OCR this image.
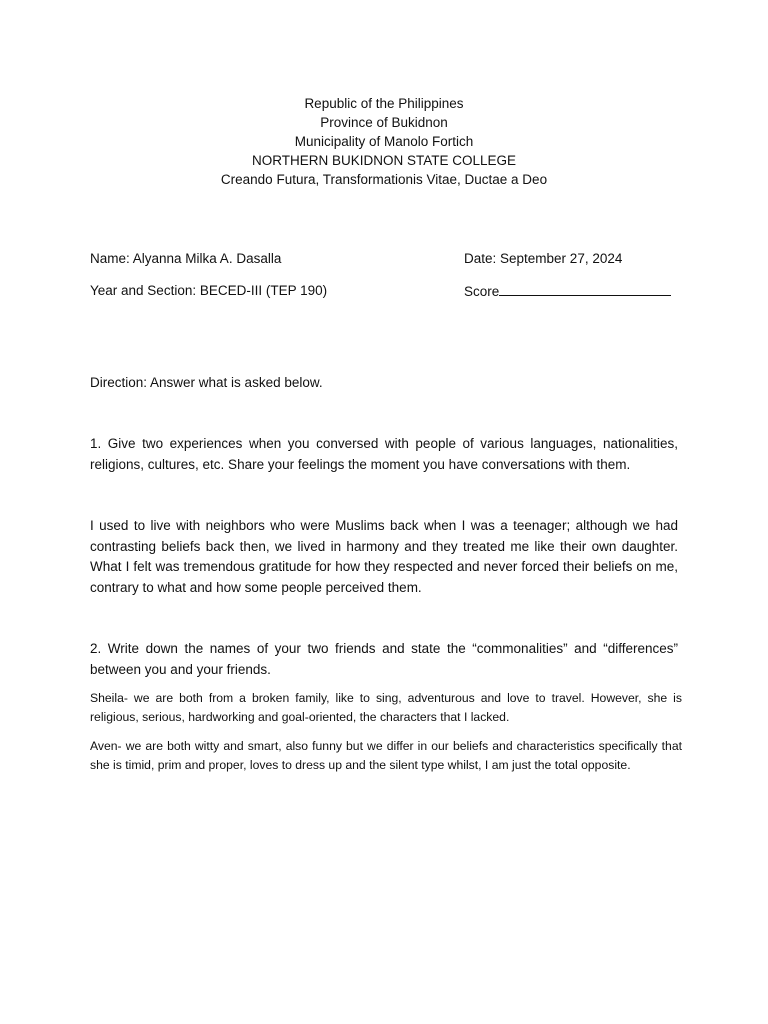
Republic of the Philippines
Province of Bukidnon
Municipality of Manolo Fortich
NORTHERN BUKIDNON STATE COLLEGE
Creando Futura, Transformationis Vitae, Ductae a Deo
Name: Alyanna Milka A. Dasalla	Date: September 27, 2024
Year and Section: BECED-III (TEP 190)	Score
Direction: Answer what is asked below.
1. Give two experiences when you conversed with people of various languages, nationalities, religions, cultures, etc. Share your feelings the moment you have conversations with them.
I used to live with neighbors who were Muslims back when I was a teenager; although we had contrasting beliefs back then, we lived in harmony and they treated me like their own daughter. What I felt was tremendous gratitude for how they respected and never forced their beliefs on me, contrary to what and how some people perceived them.
2. Write down the names of your two friends and state the “commonalities” and “differences” between you and your friends.
Sheila- we are both from a broken family, like to sing, adventurous and love to travel. However, she is religious, serious, hardworking and goal-oriented, the characters that I lacked.
Aven- we are both witty and smart, also funny but we differ in our beliefs and characteristics specifically that she is timid, prim and proper, loves to dress up and the silent type whilst, I am just the total opposite.
